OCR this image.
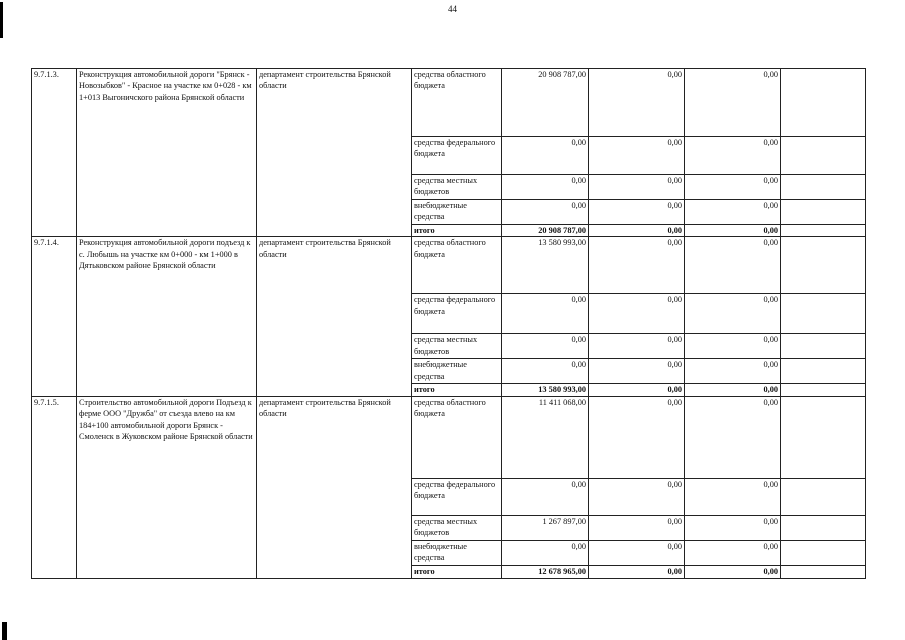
44
9.7.1.3.	Реконструкция автомобильной дороги "Брянск - Новозыбков" - Красное на участке км 0+028 - км 1+013 Выгоничского района Брянской области	департамент строительства Брянской области	средства областного бюджета	20 908 787,00	0,00	0,00	
			средства федерального бюджета	0,00	0,00	0,00	
			средства местных бюджетов	0,00	0,00	0,00	
			внебюджетные средства	0,00	0,00	0,00	
			итого	20 908 787,00	0,00	0,00	
9.7.1.4.	Реконструкция автомобильной дороги подъезд к с. Любышь на участке км 0+000 - км 1+000 в Дятьковском районе Брянской области	департамент строительства Брянской области	средства областного бюджета	13 580 993,00	0,00	0,00	
			средства федерального бюджета	0,00	0,00	0,00	
			средства местных бюджетов	0,00	0,00	0,00	
			внебюджетные средства	0,00	0,00	0,00	
			итого	13 580 993,00	0,00	0,00	
9.7.1.5.	Строительство автомобильной дороги Подъезд к ферме ООО "Дружба" от съезда влево на км 184+100 автомобильной дороги Брянск - Смоленск в Жуковском районе Брянской области	департамент строительства Брянской области	средства областного бюджета	11 411 068,00	0,00	0,00	
			средства федерального бюджета	0,00	0,00	0,00	
			средства местных бюджетов	1 267 897,00	0,00	0,00	
			внебюджетные средства	0,00	0,00	0,00	
			итого	12 678 965,00	0,00	0,00	
